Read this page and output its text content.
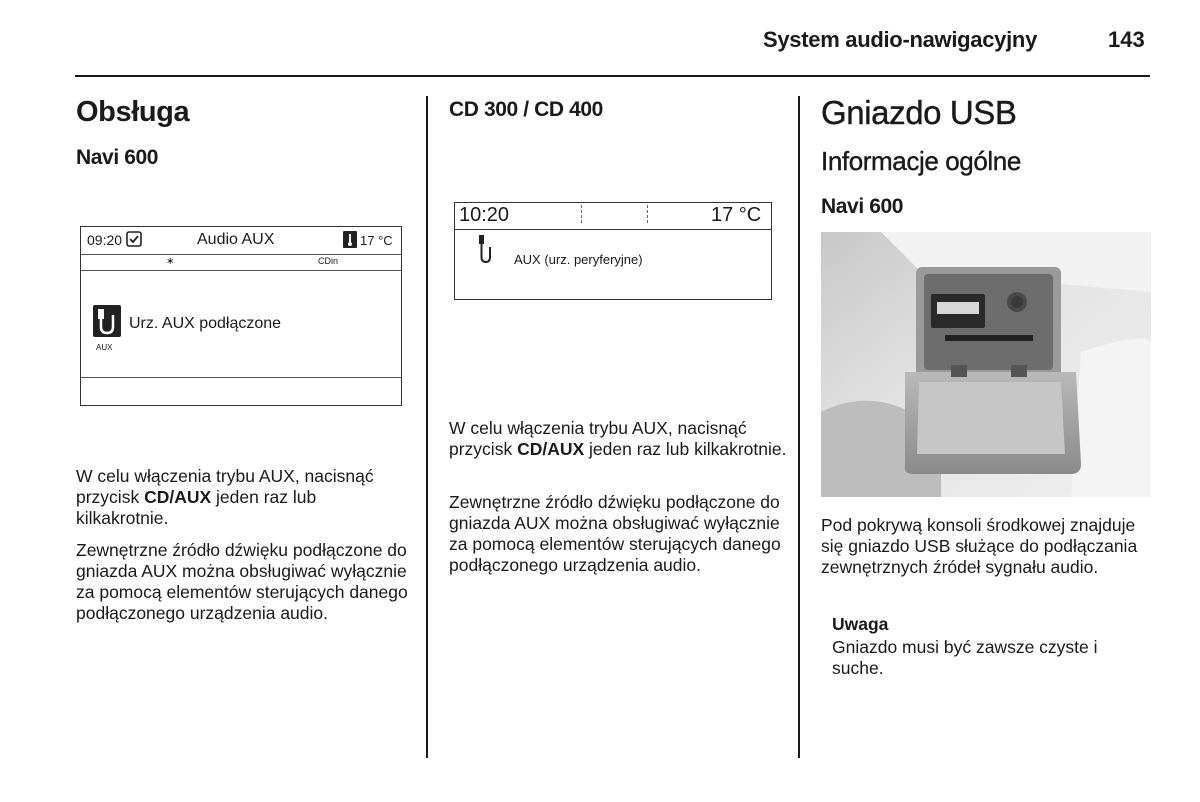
System audio-nawigacyjny	143
Obsługa
Navi 600
09:20	Audio AUX	17 °C
∗	CDin
AUX
Urz. AUX podłączone

W celu włączenia trybu AUX, nacisnąć przycisk CD/AUX jeden raz lub kilkakrotnie.

Zewnętrzne źródło dźwięku podłączone do gniazda AUX można obsługiwać wyłącznie za pomocą elementów sterujących danego podłączonego urządzenia audio.

CD 300 / CD 400
10:20	17 °C
AUX (urz. peryferyjne)

W celu włączenia trybu AUX, nacisnąć przycisk CD/AUX jeden raz lub kilkakrotnie.

Zewnętrzne źródło dźwięku podłączone do gniazda AUX można obsługiwać wyłącznie za pomocą elementów sterujących danego podłączonego urządzenia audio.

Gniazdo USB
Informacje ogólne
Navi 600

Pod pokrywą konsoli środkowej znajduje się gniazdo USB służące do podłączania zewnętrznych źródeł sygnału audio.

Uwaga

Gniazdo musi być zawsze czyste i suche.
